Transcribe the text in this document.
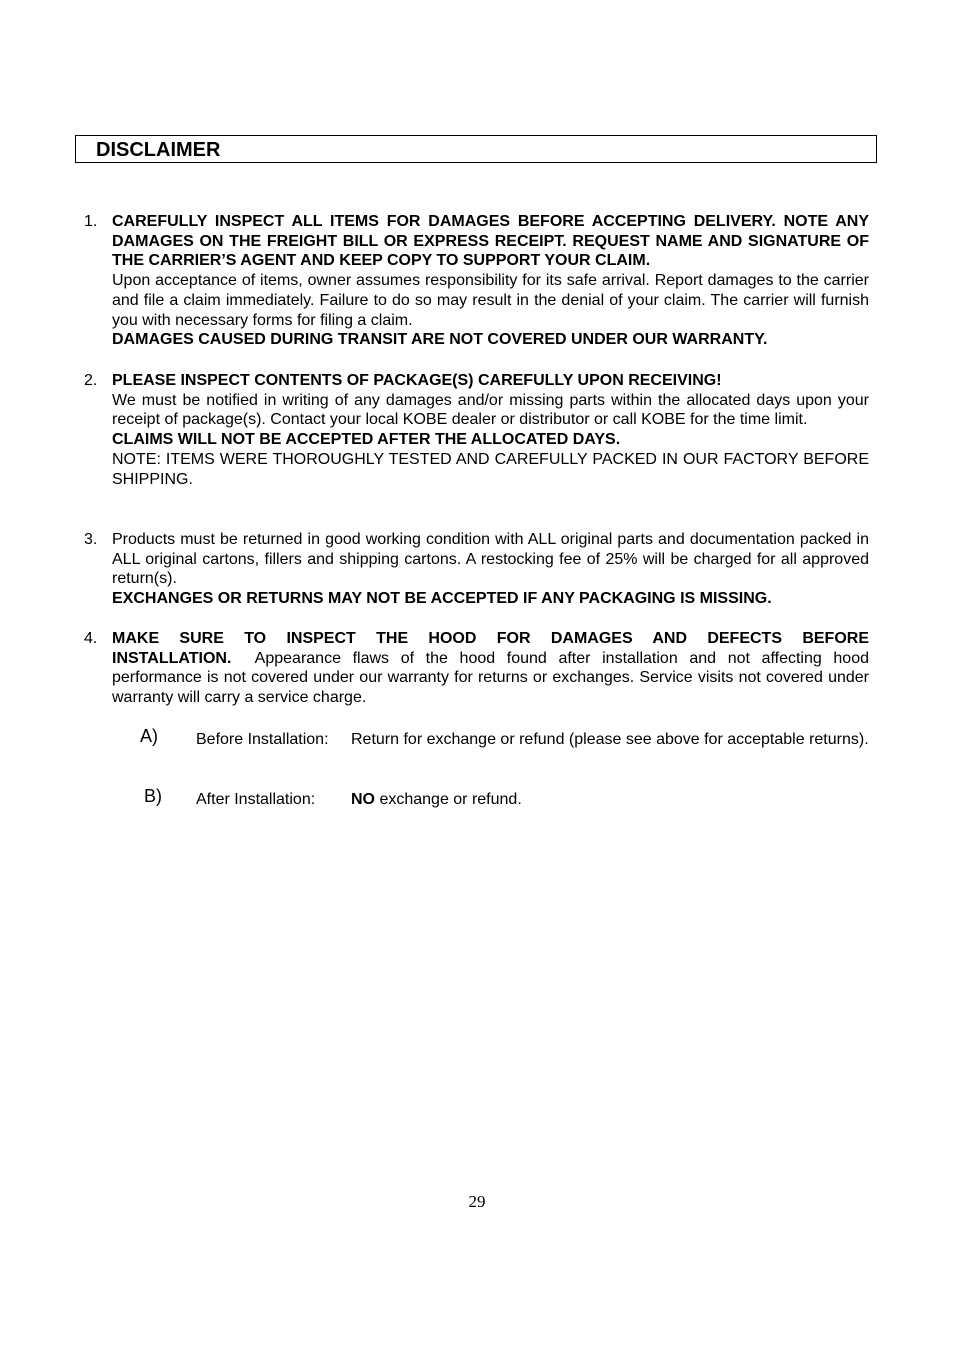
DISCLAIMER
1. CAREFULLY INSPECT ALL ITEMS FOR DAMAGES BEFORE ACCEPTING DELIVERY. NOTE ANY DAMAGES ON THE FREIGHT BILL OR EXPRESS RECEIPT. REQUEST NAME AND SIGNATURE OF THE CARRIER’S AGENT AND KEEP COPY TO SUPPORT YOUR CLAIM.

Upon acceptance of items, owner assumes responsibility for its safe arrival. Report damages to the carrier and file a claim immediately. Failure to do so may result in the denial of your claim. The carrier will furnish you with necessary forms for filing a claim.

DAMAGES CAUSED DURING TRANSIT ARE NOT COVERED UNDER OUR WARRANTY.

2. PLEASE INSPECT CONTENTS OF PACKAGE(S) CAREFULLY UPON RECEIVING!

We must be notified in writing of any damages and/or missing parts within the allocated days upon your receipt of package(s). Contact your local KOBE dealer or distributor or call KOBE for the time limit.

CLAIMS WILL NOT BE ACCEPTED AFTER THE ALLOCATED DAYS.

NOTE: ITEMS WERE THOROUGHLY TESTED AND CAREFULLY PACKED IN OUR FACTORY BEFORE SHIPPING.

3. Products must be returned in good working condition with ALL original parts and documentation packed in ALL original cartons, fillers and shipping cartons. A restocking fee of 25% will be charged for all approved return(s).

EXCHANGES OR RETURNS MAY NOT BE ACCEPTED IF ANY PACKAGING IS MISSING.

4. MAKE SURE TO INSPECT THE HOOD FOR DAMAGES AND DEFECTS BEFORE INSTALLATION. Appearance flaws of the hood found after installation and not affecting hood performance is not covered under our warranty for returns or exchanges. Service visits not covered under warranty will carry a service charge.

A) Before Installation: Return for exchange or refund (please see above for acceptable returns).
B) After Installation: NO exchange or refund.
29
